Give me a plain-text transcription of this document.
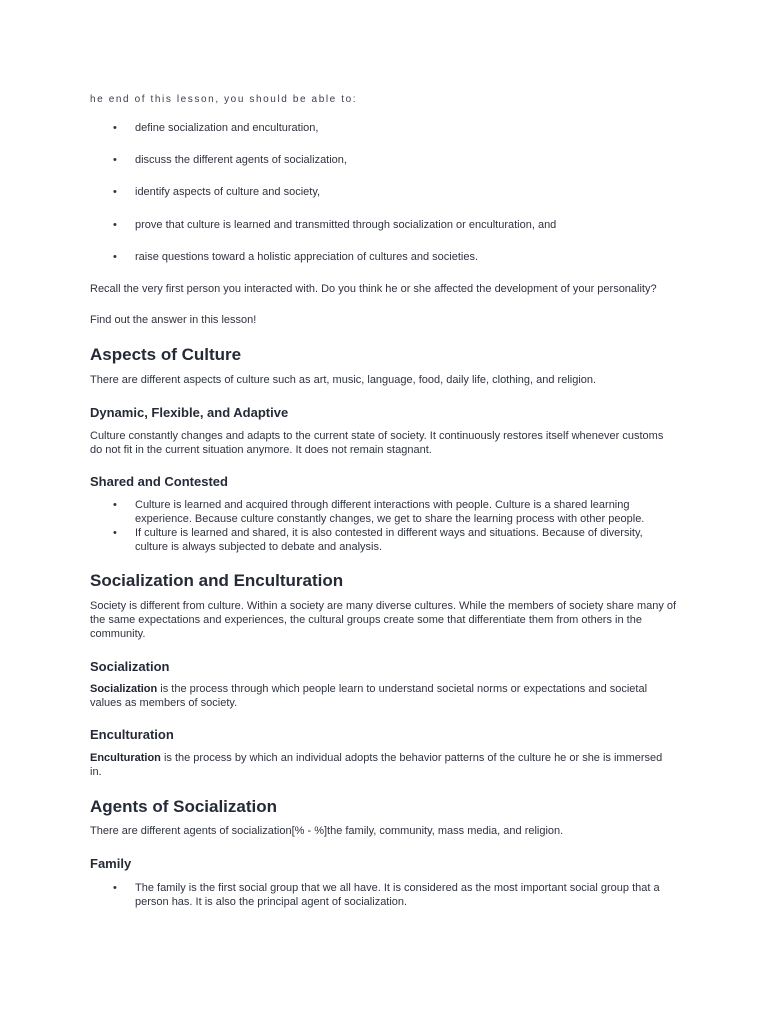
he end of this lesson, you should be able to:
• define socialization and enculturation,
• discuss the different agents of socialization,
• identify aspects of culture and society,
• prove that culture is learned and transmitted through socialization or enculturation, and
• raise questions toward a holistic appreciation of cultures and societies.
Recall the very first person you interacted with. Do you think he or she affected the development of your personality?
Find out the answer in this lesson!
Aspects of Culture
There are different aspects of culture such as art, music, language, food, daily life, clothing, and religion.
Dynamic, Flexible, and Adaptive
Culture constantly changes and adapts to the current state of society. It continuously restores itself whenever customs do not fit in the current situation anymore. It does not remain stagnant.
Shared and Contested
• Culture is learned and acquired through different interactions with people. Culture is a shared learning experience. Because culture constantly changes, we get to share the learning process with other people.
• If culture is learned and shared, it is also contested in different ways and situations. Because of diversity, culture is always subjected to debate and analysis.
Socialization and Enculturation
Society is different from culture. Within a society are many diverse cultures. While the members of society share many of the same expectations and experiences, the cultural groups create some that differentiate them from others in the community.
Socialization
Socialization is the process through which people learn to understand societal norms or expectations and societal values as members of society.
Enculturation
Enculturation is the process by which an individual adopts the behavior patterns of the culture he or she is immersed in.
Agents of Socialization
There are different agents of socialization[% - %]the family, community, mass media, and religion.
Family
• The family is the first social group that we all have. It is considered as the most important social group that a person has. It is also the principal agent of socialization.
